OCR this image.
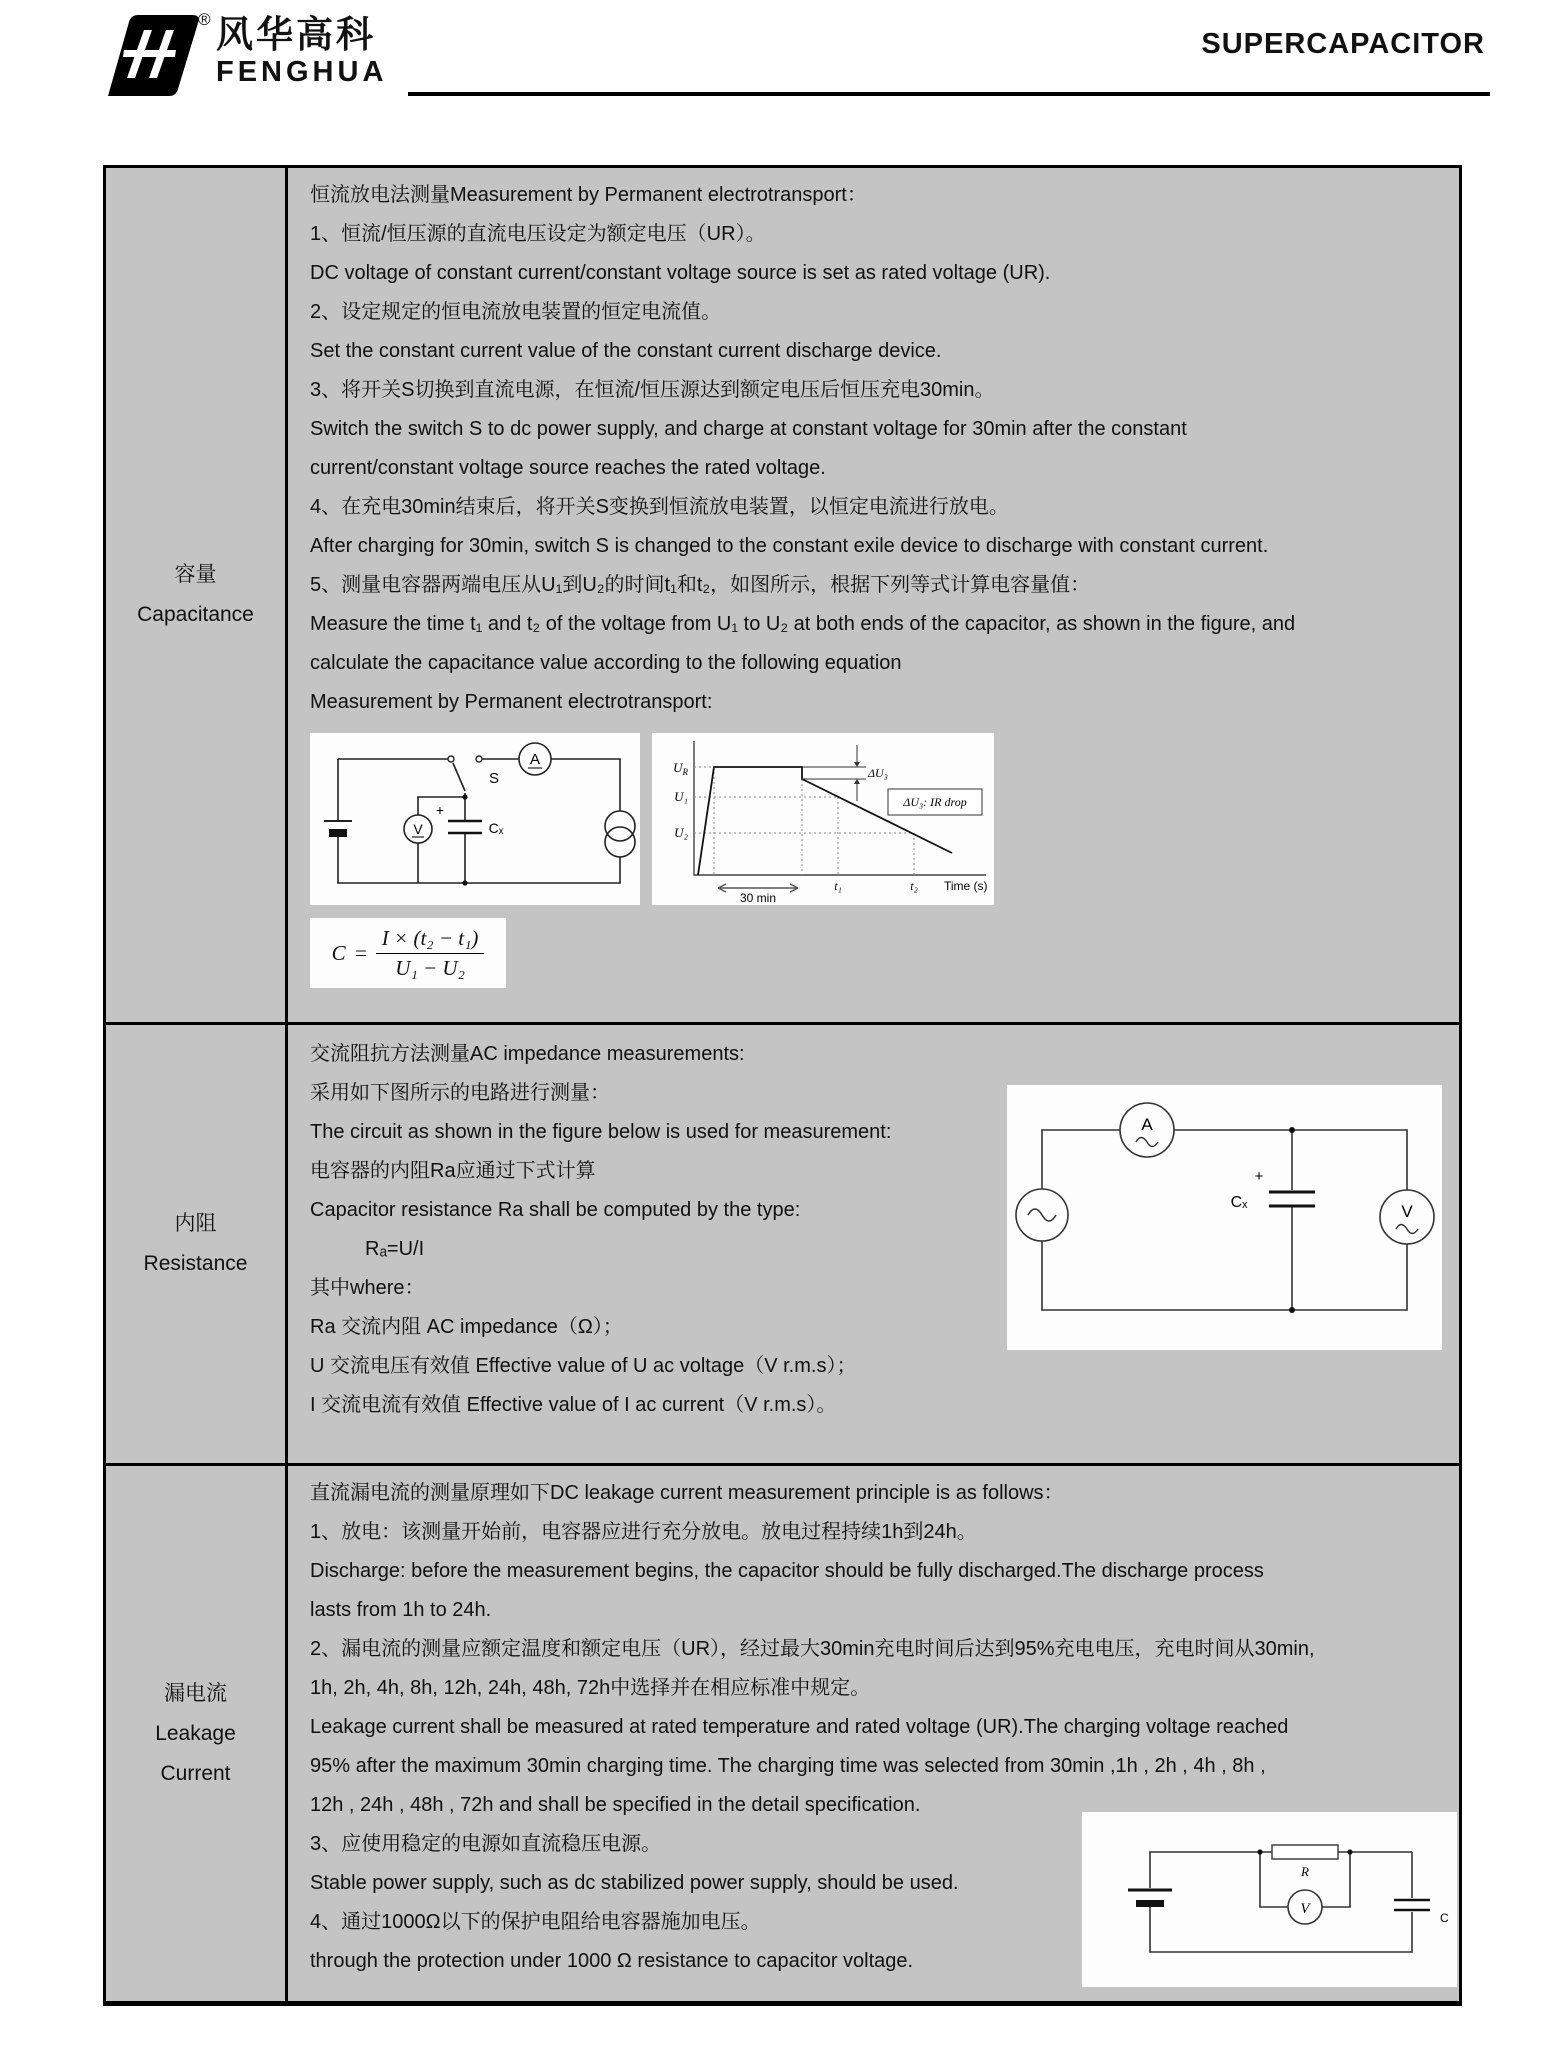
® 风华高科
FENGHUA
SUPERCAPACITOR
容量
Capacitance
恒流放电法测量Measurement by Permanent electrotransport：
1、恒流/恒压源的直流电压设定为额定电压（UR）。
DC voltage of constant current/constant voltage source is set as rated voltage (UR).
2、设定规定的恒电流放电装置的恒定电流值。
Set the constant current value of the constant current discharge device.
3、将开关S切换到直流电源，在恒流/恒压源达到额定电压后恒压充电30min。
Switch the switch S to dc power supply, and charge at constant voltage for 30min after the constant
current/constant voltage source reaches the rated voltage.
4、在充电30min结束后，将开关S变换到恒流放电装置，以恒定电流进行放电。
After charging for 30min, switch S is changed to the constant exile device to discharge with constant current.
5、测量电容器两端电压从U₁到U₂的时间t₁和t₂，如图所示，根据下列等式计算电容量值：
Measure the time t₁ and t₂ of the voltage from U₁ to U₂ at both ends of the capacitor, as shown in the figure, and
calculate the capacitance value according to the following equation
Measurement by Permanent electrotransport:
A
+
Cₓ
V
S	ΔU₃
ΔU₃: IR drop
$U_R$
U₁
U₂
30 min
t₁	t₂ Time (s)
$C = \frac{\text{I × (t₂ − t₁)}}{\text{U₁ − U₂}}$
内阻
Resistance
交流阻抗方法测量AC impedance measurements:
采用如下图所示的电路进行测量：
The circuit as shown in the figure below is used for measurement:
电容器的内阻Ra应通过下式计算
Capacitor resistance Ra shall be computed by the type:
Rₐ=U/I
其中where：
Ra 交流内阻 AC impedance（Ω）；
U 交流电压有效值 Effective value of U ac voltage（V r.m.s）；
I 交流电流有效值 Effective value of I ac current（V r.m.s）。
A
+
Cₓ	V
漏电流
Leakage
Current
直流漏电流的测量原理如下DC leakage current measurement principle is as follows：
1、放电：该测量开始前，电容器应进行充分放电。放电过程持续1h到24h。
Discharge: before the measurement begins, the capacitor should be fully discharged.The discharge process
lasts from 1h to 24h.
2、漏电流的测量应额定温度和额定电压（UR），经过最大30min充电时间后达到95%充电电压，充电时间从30min,
1h, 2h, 4h, 8h, 12h, 24h, 48h, 72h中选择并在相应标准中规定。
Leakage current shall be measured at rated temperature and rated voltage (UR).The charging voltage reached
95% after the maximum 30min charging time. The charging time was selected from 30min ,1h , 2h , 4h , 8h ,
12h , 24h , 48h , 72h and shall be specified in the detail specification.
3、应使用稳定的电源如直流稳压电源。
Stable power supply, such as dc stabilized power supply, should be used.
4、通过1000Ω以下的保护电阻给电容器施加电压。
through the protection under 1000 Ω resistance to capacitor voltage.
R
V
C
